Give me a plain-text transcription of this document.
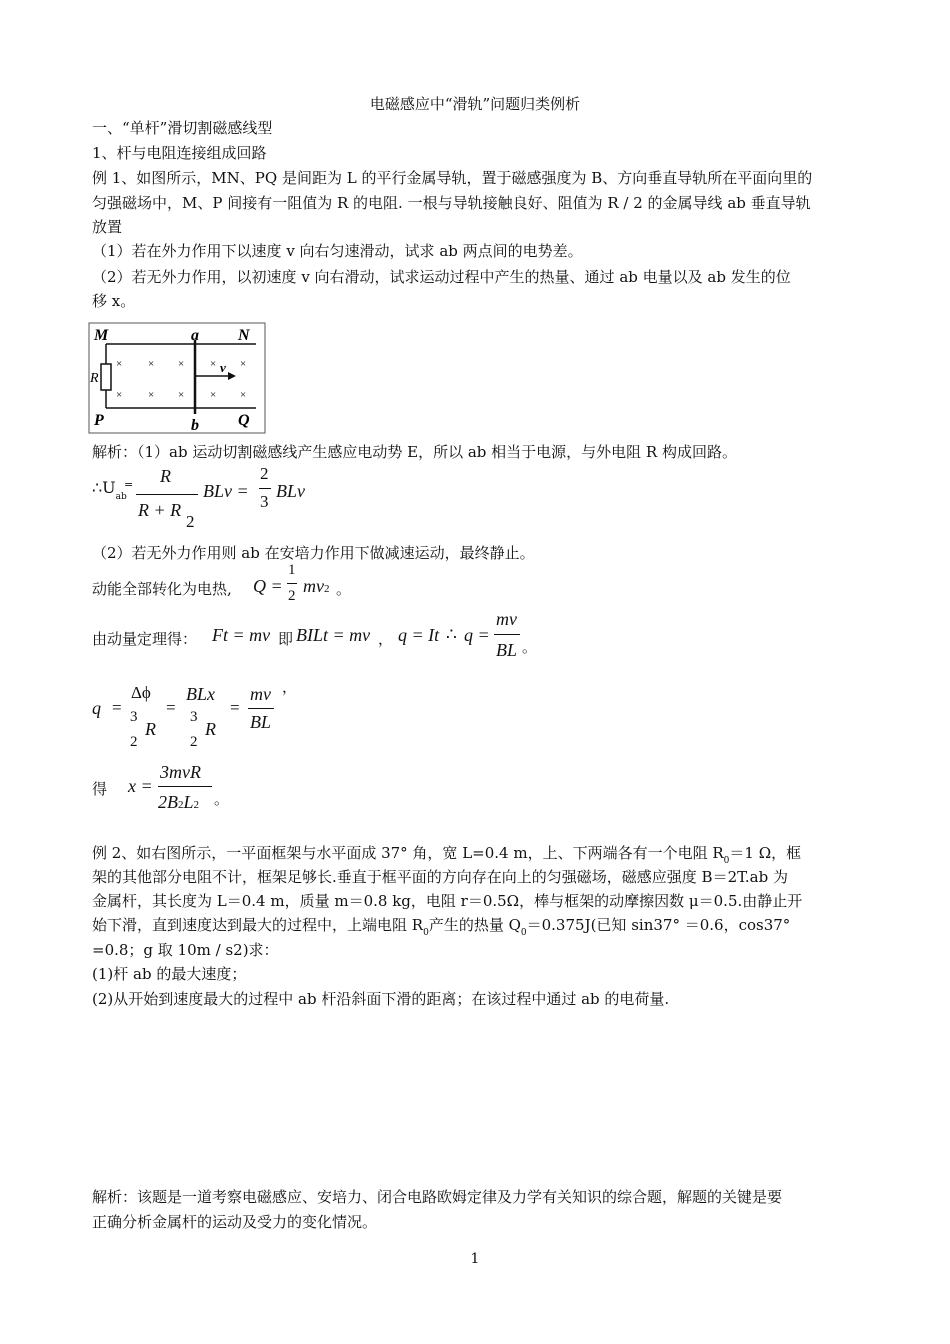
电磁感应中“滑轨”问题归类例析
一、“单杆”滑切割磁感线型
1、杆与电阻连接组成回路
例 1、如图所示，MN、PQ 是间距为 L 的平行金属导轨，置于磁感强度为 B、方向垂直导轨所在平面向里的
匀强磁场中，M、P 间接有一阻值为 R 的电阻. 一根与导轨接触良好、阻值为 R / 2 的金属导线 ab 垂直导轨
放置
（1）若在外力作用下以速度 v 向右匀速滑动，试求 ab 两点间的电势差。
（2）若无外力作用，以初速度 v 向右滑动，试求运动过程中产生的热量、通过 ab 电量以及 ab 发生的位
移 x。
M	a N
R
v
P	b Q
× × × × ×
× × × × ×
解析：（1）ab 运动切割磁感线产生感应电动势 E，所以 ab 相当于电源，与外电阻 R 构成回路。
$\therefore U_{ab}$
= R
R + R
2
BLv =
2
3
BLv
（2）若无外力作用则 ab 在安培力作用下做减速运动，最终静止。
动能全部转化为电热, Q =
1
2 mv2 。
由动量定理得： Ft = mv 即 BILt = mv ， q = It ∴ q =
mv
BL 。
q =
Δϕ
3
2
R
=
BLx
3
2
R
=
mv
BL
，
得 x =
3mvR
2B2L2 。
例 2、如右图所示，一平面框架与水平面成 37° 角，宽 L=0.4 m，上、下两端各有一个电阻 $R_0=1$ Ω，框
架的其他部分电阻不计，框架足够长.垂直于框平面的方向存在向上的匀强磁场，磁感应强度 B＝2T.ab 为
金属杆，其长度为 L＝0.4 m，质量 m＝0.8 kg，电阻 r＝0.5Ω，棒与框架的动摩擦因数 μ＝0.5.由静止开
始下滑，直到速度达到最大的过程中，上端电阻 $R_0$产生的热量 $Q_0=0.375J$(已知 sin37° ＝0.6，cos37°
=0.8；g 取 10m / s2)求：
(1)杆 ab 的最大速度；
(2)从开始到速度最大的过程中 ab 杆沿斜面下滑的距离；在该过程中通过 ab 的电荷量.
解析：该题是一道考察电磁感应、安培力、闭合电路欧姆定律及力学有关知识的综合题，解题的关键是要
正确分析金属杆的运动及受力的变化情况。
1
